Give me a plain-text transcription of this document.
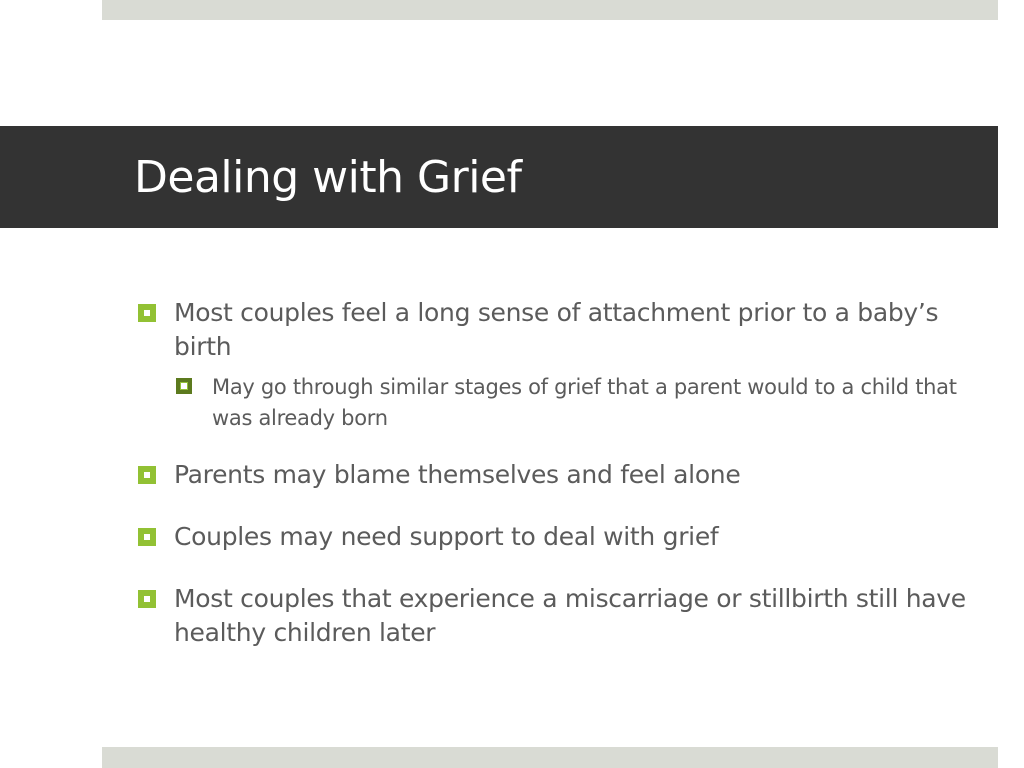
Dealing with Grief
Most couples feel a long sense of attachment prior to a baby’s birth
May go through similar stages of grief that a parent would to a child that was already born
Parents may blame themselves and feel alone
Couples may need support to deal with grief
Most couples that experience a miscarriage or stillbirth still have healthy children later
